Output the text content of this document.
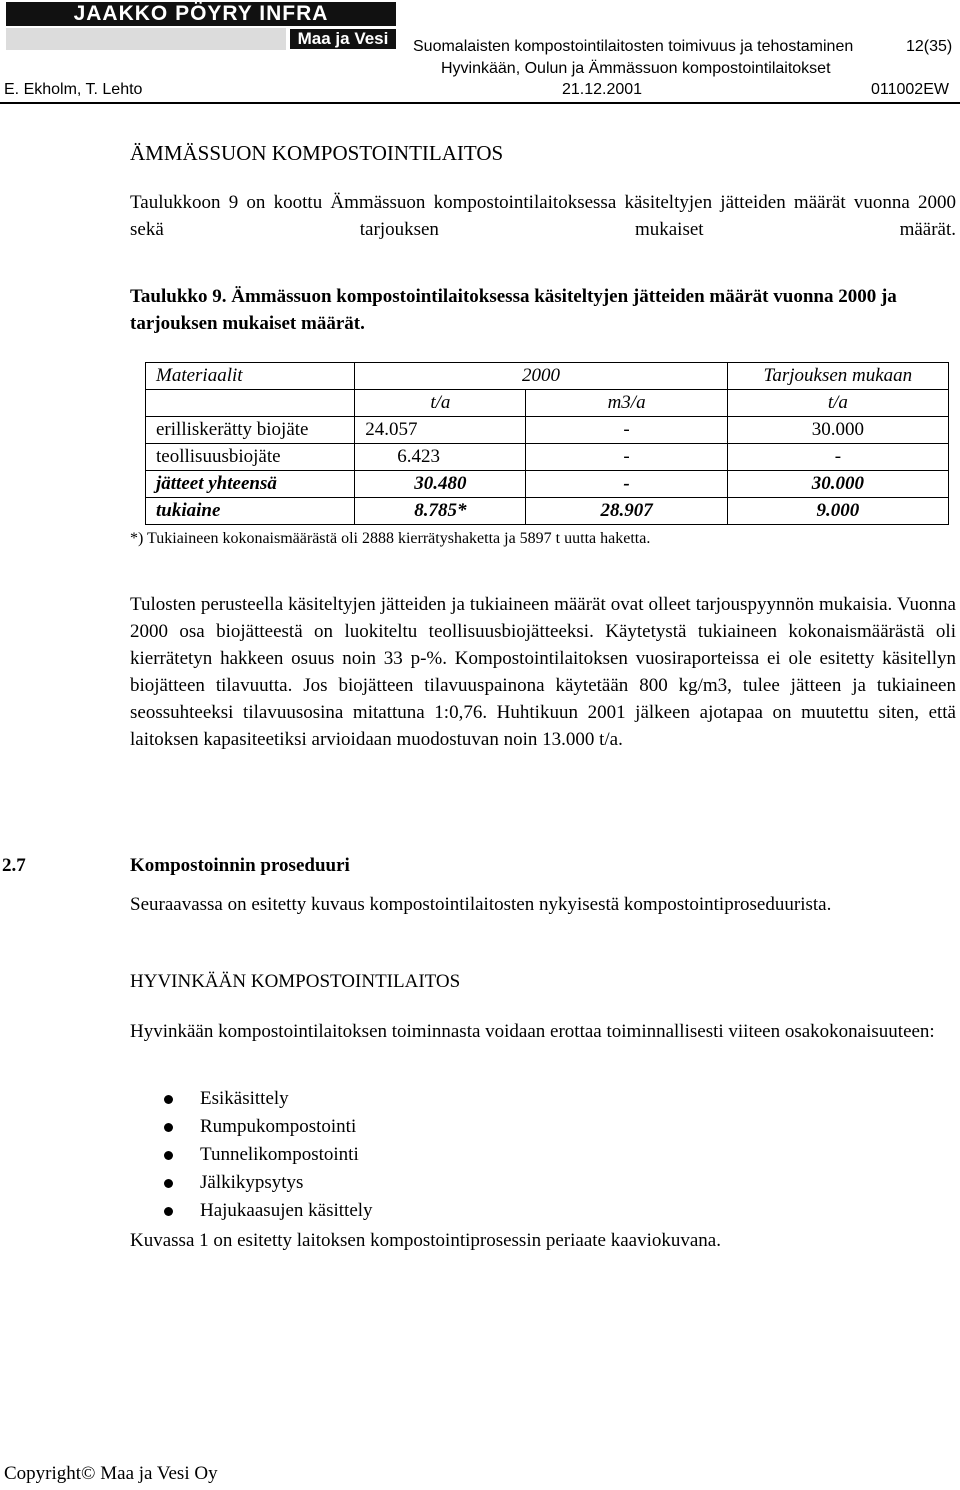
JAAKKO PÖYRY INFRA
Maa ja Vesi	Suomalaisten kompostointilaitosten toimivuus ja tehostaminen	12(35)
Hyvinkään, Oulun ja Ämmässuon kompostointilaitokset
E. Ekholm, T. Lehto	21.12.2001	011002EW
ÄMMÄSSUON KOMPOSTOINTILAITOS
Taulukkoon 9 on koottu Ämmässuon kompostointilaitoksessa käsiteltyjen jätteiden määrät vuonna 2000 sekä tarjouksen mukaiset määrät.
Taulukko 9. Ämmässuon kompostointilaitoksessa käsiteltyjen jätteiden määrät vuonna 2000 ja tarjouksen mukaiset määrät.
Materiaalit	2000		Tarjouksen mukaan
	t/a	m3/a	t/a
erilliskerätty biojäte	24.057	-	30.000
teollisuusbiojäte	6.423	-	-
jätteet yhteensä	30.480	-	30.000
tukiaine	8.785*	28.907	9.000
*) Tukiaineen kokonaismäärästä oli 2888 kierrätyshaketta ja 5897 t uutta haketta.
Tulosten perusteella käsiteltyjen jätteiden ja tukiaineen määrät ovat olleet tarjouspyynnön mukaisia. Vuonna 2000 osa biojätteestä on luokiteltu teollisuusbiojätteeksi. Käytetystä tukiaineen kokonaismäärästä oli kierrätetyn hakkeen osuus noin 33 p-%. Kompostointilaitoksen vuosiraporteissa ei ole esitetty käsitellyn biojätteen tilavuutta. Jos biojätteen tilavuuspainona käytetään 800 kg/m3, tulee jätteen ja tukiaineen seossuhteeksi tilavuusosina mitattuna 1:0,76. Huhtikuun 2001 jälkeen ajotapaa on muutettu siten, että laitoksen kapasiteetiksi arvioidaan muodostuvan noin 13.000 t/a.
2.7	Kompostoinnin proseduuri
Seuraavassa on esitetty kuvaus kompostointilaitosten nykyisestä kompostointiproseduurista.
HYVINKÄÄN KOMPOSTOINTILAITOS
Hyvinkään kompostointilaitoksen toiminnasta voidaan erottaa toiminnallisesti viiteen osakokonaisuuteen:
Esikäsittely
Rumpukompostointi
Tunnelikompostointi
Jälkikypsytys
Hajukaasujen käsittely
Kuvassa 1 on esitetty laitoksen kompostointiprosessin periaate kaaviokuvana.
Copyright© Maa ja Vesi Oy
